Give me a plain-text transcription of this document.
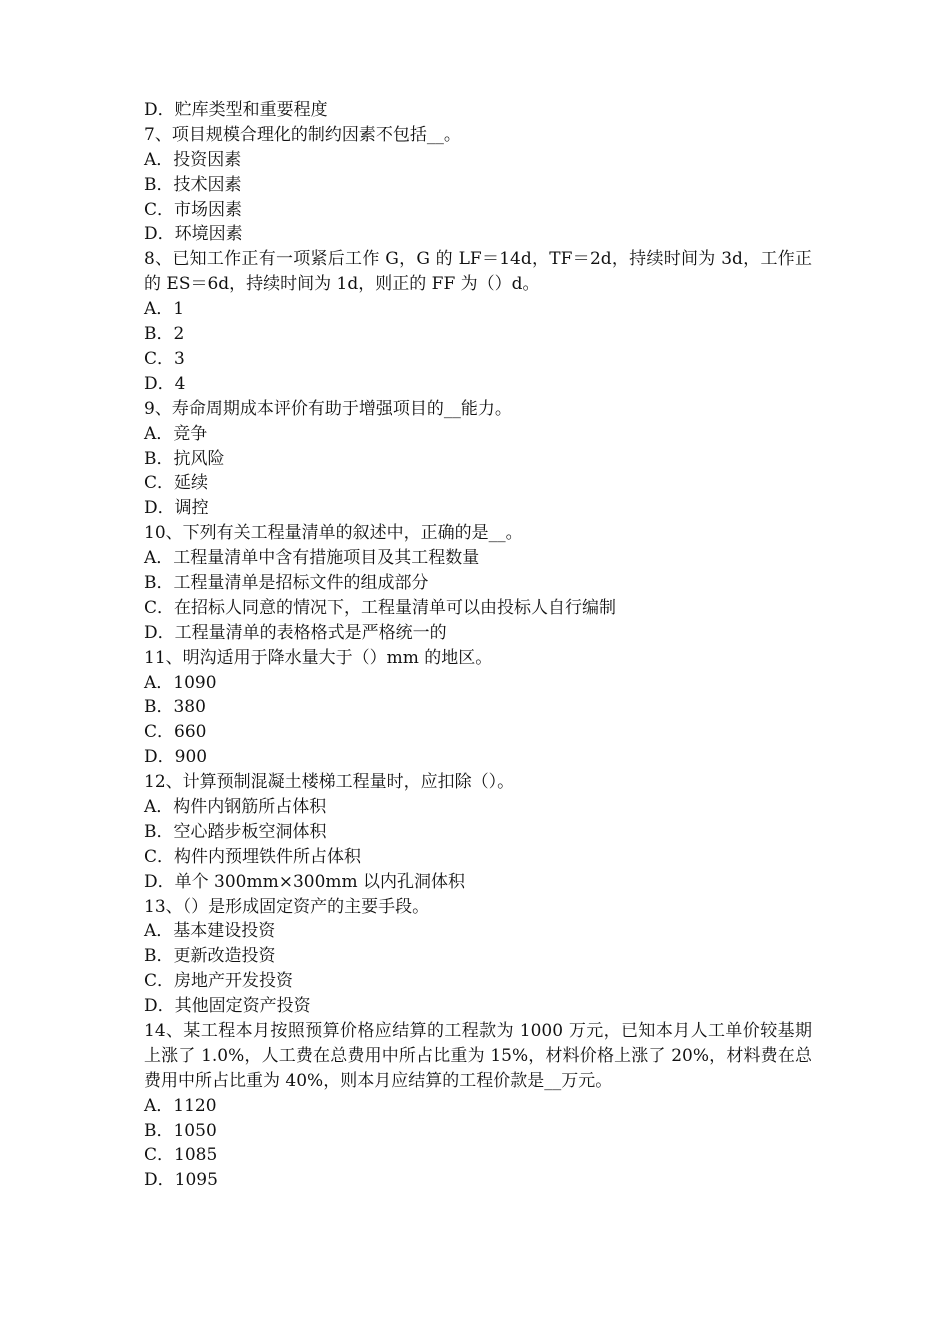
D．贮库类型和重要程度
7、项目规模合理化的制约因素不包括__。
A．投资因素
B．技术因素
C．市场因素
D．环境因素
8、已知工作正有一项紧后工作 G，G 的 LF＝14d，TF＝2d，持续时间为 3d，工作正的 ES＝6d，持续时间为 1d，则正的 FF 为（）d。
A．1
B．2
C．3
D．4
9、寿命周期成本评价有助于增强项目的__能力。
A．竞争
B．抗风险
C．延续
D．调控
10、下列有关工程量清单的叙述中，正确的是__。
A．工程量清单中含有措施项目及其工程数量
B．工程量清单是招标文件的组成部分
C．在招标人同意的情况下，工程量清单可以由投标人自行编制
D．工程量清单的表格格式是严格统一的
11、明沟适用于降水量大于（）mm 的地区。
A．1090
B．380
C．660
D．900
12、计算预制混凝土楼梯工程量时，应扣除（）。
A．构件内钢筋所占体积
B．空心踏步板空洞体积
C．构件内预埋铁件所占体积
D．单个 300mm×300mm 以内孔洞体积
13、（）是形成固定资产的主要手段。
A．基本建设投资
B．更新改造投资
C．房地产开发投资
D．其他固定资产投资
14、某工程本月按照预算价格应结算的工程款为 1000 万元，已知本月人工单价较基期上涨了 1.0%，人工费在总费用中所占比重为 15%，材料价格上涨了 20%，材料费在总费用中所占比重为 40%，则本月应结算的工程价款是__万元。
A．1120
B．1050
C．1085
D．1095
